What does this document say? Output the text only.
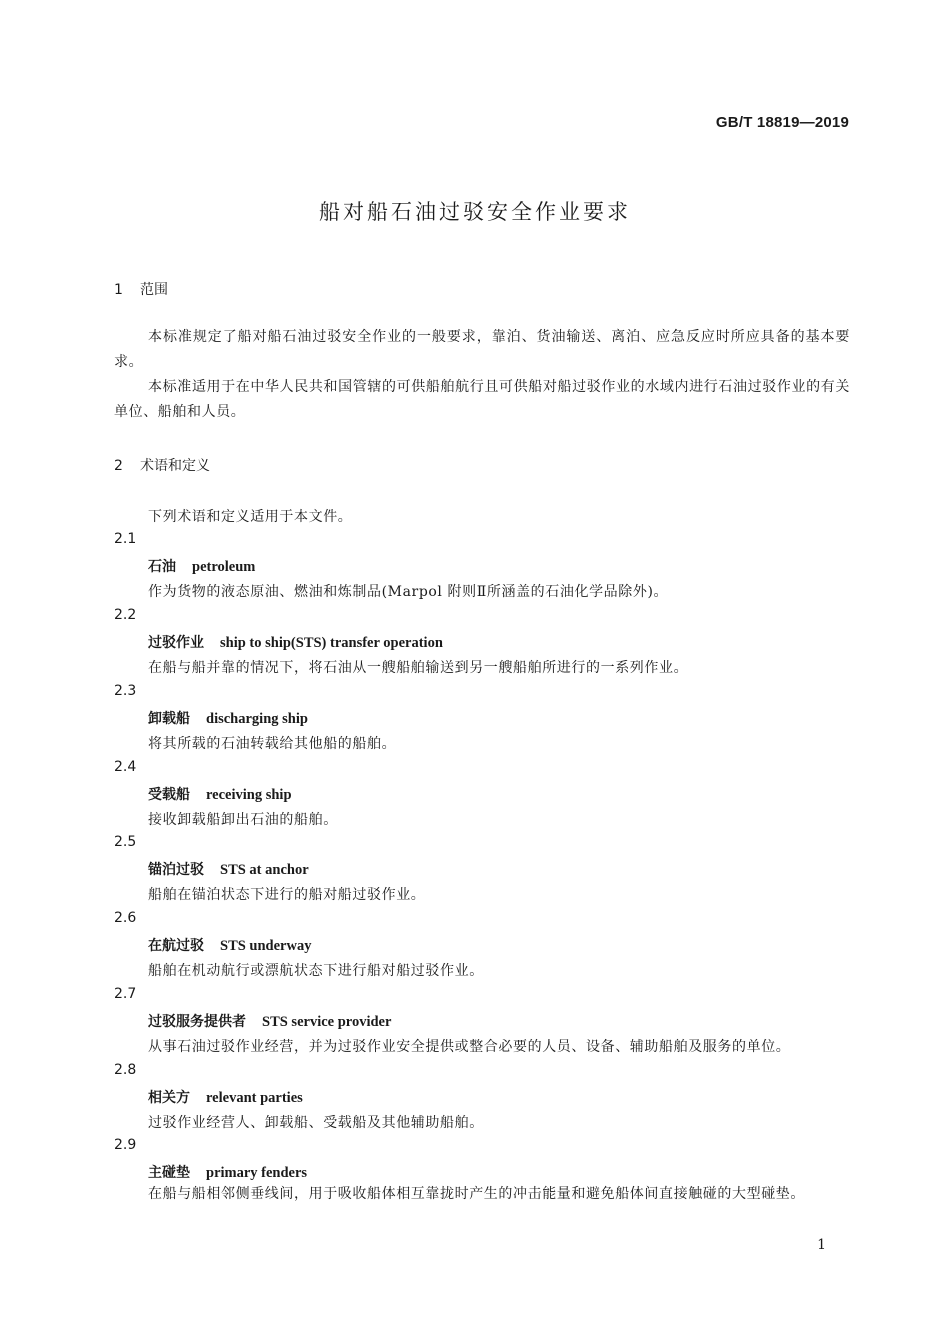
GB/T 18819—2019
船对船石油过驳安全作业要求
1 范围
本标准规定了船对船石油过驳安全作业的一般要求，靠泊、货油输送、离泊、应急反应时所应具备的基本要求。
本标准适用于在中华人民共和国管辖的可供船舶航行且可供船对船过驳作业的水域内进行石油过驳作业的有关单位、船舶和人员。
2 术语和定义
下列术语和定义适用于本文件。
2.1
石油 petroleum
作为货物的液态原油、燃油和炼制品(Marpol 附则Ⅱ所涵盖的石油化学品除外)。
2.2
过驳作业 ship to ship(STS) transfer operation
在船与船并靠的情况下，将石油从一艘船舶输送到另一艘船舶所进行的一系列作业。
2.3
卸载船 discharging ship
将其所载的石油转载给其他船的船舶。
2.4
受载船 receiving ship
接收卸载船卸出石油的船舶。
2.5
锚泊过驳 STS at anchor
船舶在锚泊状态下进行的船对船过驳作业。
2.6
在航过驳 STS underway
船舶在机动航行或漂航状态下进行船对船过驳作业。
2.7
过驳服务提供者 STS service provider
从事石油过驳作业经营，并为过驳作业安全提供或整合必要的人员、设备、辅助船舶及服务的单位。
2.8
相关方 relevant parties
过驳作业经营人、卸载船、受载船及其他辅助船舶。
2.9
主碰垫 primary fenders
在船与船相邻侧垂线间，用于吸收船体相互靠拢时产生的冲击能量和避免船体间直接触碰的大型碰垫。
1
